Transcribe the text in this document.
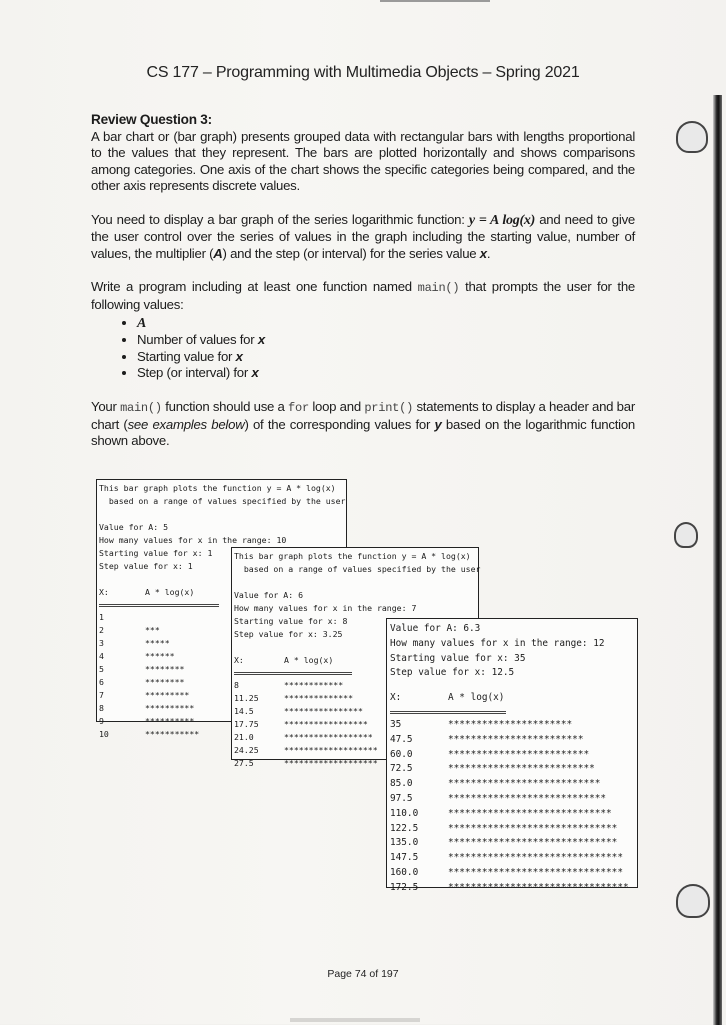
CS 177 – Programming with Multimedia Objects – Spring 2021

Review Question 3:

A bar chart or (bar graph) presents grouped data with rectangular bars with lengths proportional to the values that they represent. The bars are plotted horizontally and shows comparisons among categories. One axis of the chart shows the specific categories being compared, and the other axis represents discrete values.

You need to display a bar graph of the series logarithmic function: y = A log(x) and need to give the user control over the series of values in the graph including the starting value, number of values, the multiplier (A) and the step (or interval) for the series value x.

Write a program including at least one function named main() that prompts the user for the following values:

• A
• Number of values for x
• Starting value for x
• Step (or interval) for x

Your main() function should use a for loop and print() statements to display a header and bar chart (see examples below) of the corresponding values for y based on the logarithmic function shown above.

This bar graph plots the function y = A * log(x)
based on a range of values specified by the user
Value for A: 5
How many values for x in the range: 10
Starting value for x: 1
Step value for x: 1
X:	A * log(x)
1
2	***
3	*****
4	******
5	********
6	********
7	*********
8	**********
9	**********
10	***********
This bar graph plots the function y = A * log(x)
based on a range of values specified by the user
Value for A: 6
How many values for x in the range: 7
Starting value for x: 8
Step value for x: 3.25
X:	A * log(x)
8	************
11.25	**************
14.5	****************
17.75	*****************
21.0	******************
24.25	*******************
27.5	*******************
Value for A: 6.3
How many values for x in the range: 12
Starting value for x: 35
Step value for x: 12.5
X:	A * log(x)
35	**********************
47.5	************************
60.0	*************************
72.5	**************************
85.0	***************************
97.5	****************************
110.0	*****************************
122.5	******************************
135.0	******************************
147.5	*******************************
160.0	*******************************
172.5	********************************
Page 74 of 197
